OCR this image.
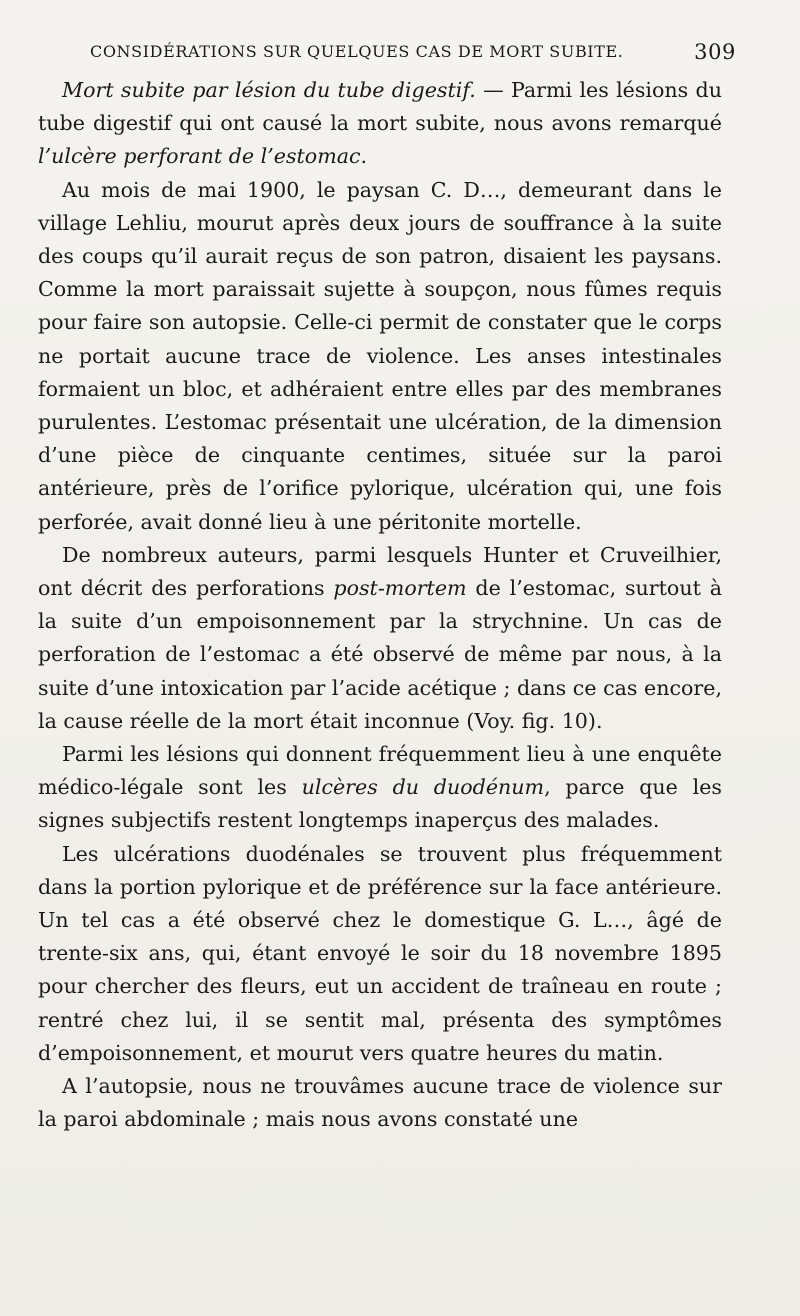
CONSIDÉRATIONS SUR QUELQUES CAS DE MORT SUBITE.	309

Mort subite par lésion du tube digestif. — Parmi les lésions du tube digestif qui ont causé la mort subite, nous avons remarqué l’ulcère perforant de l’estomac.

Au mois de mai 1900, le paysan C. D…, demeurant dans le village Lehliu, mourut après deux jours de souffrance à la suite des coups qu’il aurait reçus de son patron, disaient les paysans. Comme la mort paraissait sujette à soupçon, nous fûmes requis pour faire son autopsie. Celle-ci permit de constater que le corps ne portait aucune trace de violence. Les anses intestinales formaient un bloc, et adhéraient entre elles par des membranes purulentes. L’estomac présentait une ulcération, de la dimension d’une pièce de cinquante centimes, située sur la paroi antérieure, près de l’orifice pylorique, ulcération qui, une fois perforée, avait donné lieu à une péritonite mortelle.

De nombreux auteurs, parmi lesquels Hunter et Cruveilhier, ont décrit des perforations post-mortem de l’estomac, surtout à la suite d’un empoisonnement par la strychnine. Un cas de perforation de l’estomac a été observé de même par nous, à la suite d’une intoxication par l’acide acétique ; dans ce cas encore, la cause réelle de la mort était inconnue (Voy. fig. 10).

Parmi les lésions qui donnent fréquemment lieu à une enquête médico-légale sont les ulcères du duodénum, parce que les signes subjectifs restent longtemps inaperçus des malades.

Les ulcérations duodénales se trouvent plus fréquemment dans la portion pylorique et de préférence sur la face antérieure. Un tel cas a été observé chez le domestique G. L…, âgé de trente-six ans, qui, étant envoyé le soir du 18 novembre 1895 pour chercher des fleurs, eut un accident de traîneau en route ; rentré chez lui, il se sentit mal, présenta des symptômes d’empoisonnement, et mourut vers quatre heures du matin.

A l’autopsie, nous ne trouvâmes aucune trace de violence sur la paroi abdominale ; mais nous avons constaté une
